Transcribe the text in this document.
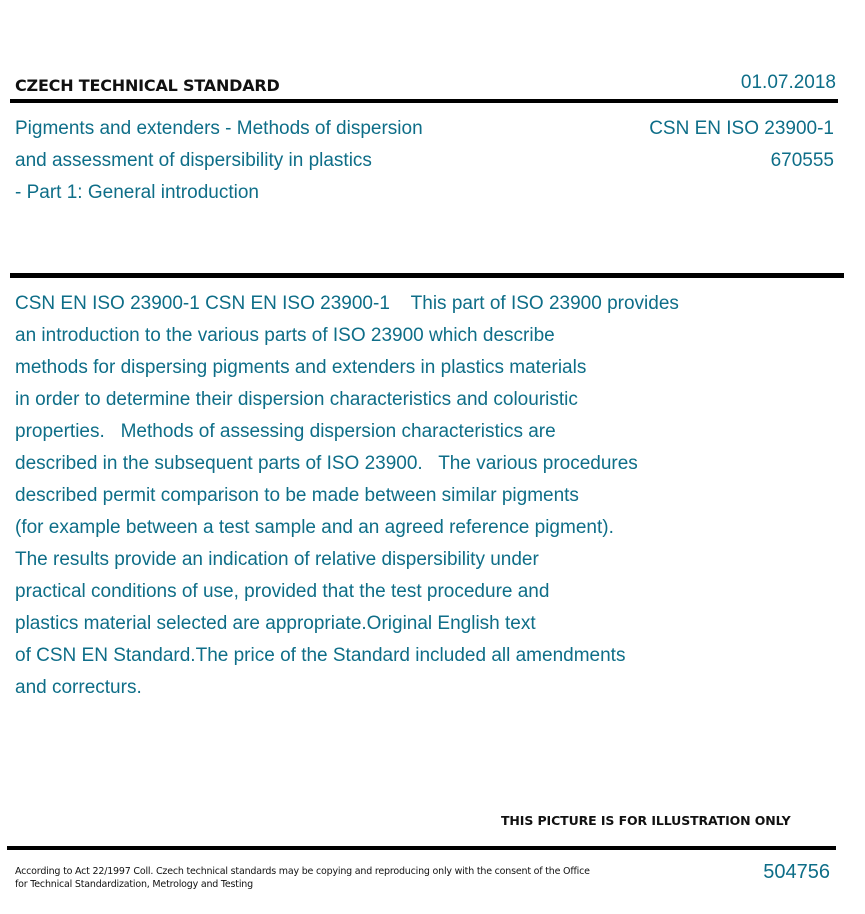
CZECH TECHNICAL STANDARD	01.07.2018
Pigments and extenders - Methods of dispersion
and assessment of dispersibility in plastics
- Part 1: General introduction
CSN EN ISO 23900-1
670555
CSN EN ISO 23900-1 CSN EN ISO 23900-1    This part of ISO 23900 provides
an introduction to the various parts of ISO 23900 which describe
methods for dispersing pigments and extenders in plastics materials
in order to determine their dispersion characteristics and colouristic
properties.   Methods of assessing dispersion characteristics are
described in the subsequent parts of ISO 23900.   The various procedures
described permit comparison to be made between similar pigments
(for example between a test sample and an agreed reference pigment).
The results provide an indication of relative dispersibility under
practical conditions of use, provided that the test procedure and
plastics material selected are appropriate.Original English text
of CSN EN Standard.The price of the Standard included all amendments
and correcturs.
THIS PICTURE IS FOR ILLUSTRATION ONLY
According to Act 22/1997 Coll. Czech technical standards may be copying and reproducing only with the consent of the Office
for Technical Standardization, Metrology and Testing
504756
